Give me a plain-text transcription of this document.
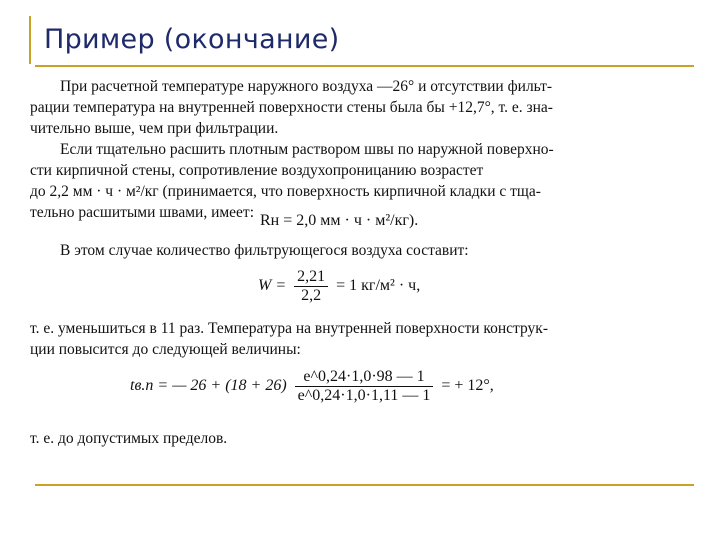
Пример (окончание)
При расчетной температуре наружного воздуха —26° и отсутствии фильт-
рации температура на внутренней поверхности стены была бы +12,7°, т. е. зна-
чительно выше, чем при фильтрации.
Если тщательно расшить плотным раствором швы по наружной поверхно-
сти кирпичной стены, сопротивление воздухопроницанию возрастет
до 2,2 мм · ч · м²/кг (принимается, что поверхность кирпичной кладки с тща-
тельно расшитыми швами, имеет: Rн = 2,0 мм · ч · м²/кг).
В этом случае количество фильтрующегося воздуха составит:
$W = \frac{2,21}{2,2} = 1$ кг/м² · ч,
т. е. уменьшиться в 11 раз. Температура на внутренней поверхности конструк-
ции повысится до следующей величины:
tв.п = — $26 + (18 + 26) \frac{e\^{}0,24\cdot 1,0\cdot 98 — 1}{e\^{}0,24\cdot 1,0\cdot 1,11 — 1}$ = + 12°,
т. е. до допустимых пределов.
